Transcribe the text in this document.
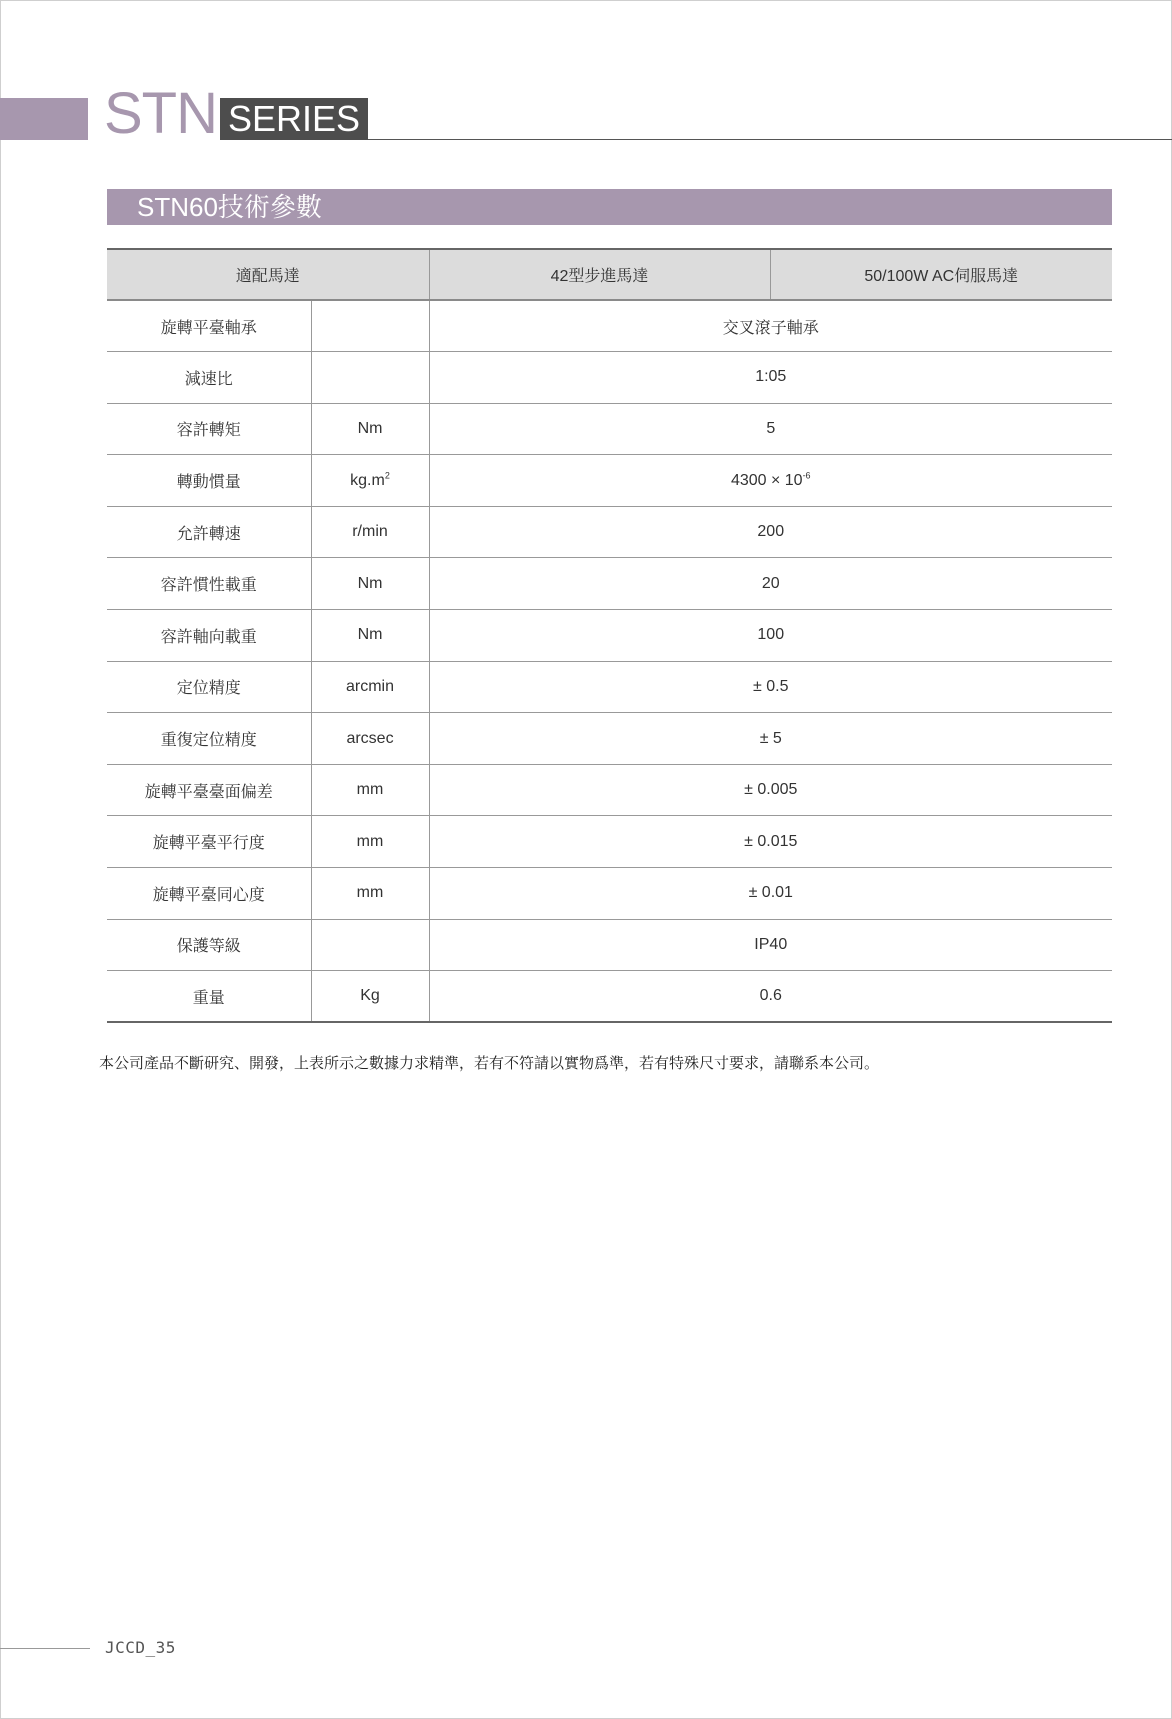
STN SERIES
STN60技術參數
適配馬達		42型步進馬達	50/100W AC伺服馬達
旋轉平臺軸承		交叉滾子軸承	
減速比		1:05	
容許轉矩	Nm	5	
轉動慣量	$kg.m^2$	$4300 \times 10^{-6}$
允許轉速	r/min	200	
容許慣性載重	Nm	20	
容許軸向載重	Nm	100	
定位精度	arcmin	± 0.5	
重復定位精度	arcsec	± 5	
旋轉平臺臺面偏差	mm	± 0.005	
旋轉平臺平行度	mm	± 0.015	
旋轉平臺同心度	mm	± 0.01	
保護等級		IP40	
重量	Kg	0.6	
本公司產品不斷研究、開發，上表所示之數據力求精準，若有不符請以實物爲準，若有特殊尺寸要求，請聯系本公司。
JCCD_35
